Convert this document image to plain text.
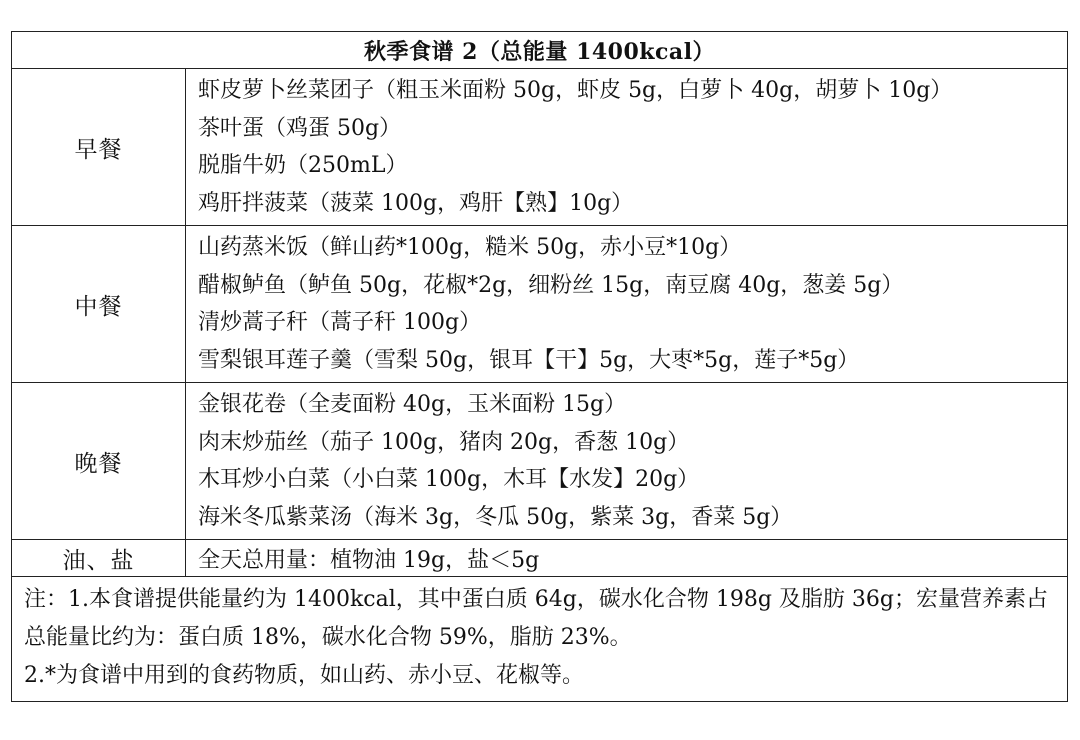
秋季食谱 2（总能量 1400kcal）	
早餐	虾皮萝卜丝菜团子（粗玉米面粉 50g，虾皮 5g，白萝卜 40g，胡萝卜 10g）
茶叶蛋（鸡蛋 50g）
脱脂牛奶（250mL）
鸡肝拌菠菜（菠菜 100g，鸡肝【熟】10g）

中餐	山药蒸米饭（鲜山药*100g，糙米 50g，赤小豆*10g）
醋椒鲈鱼（鲈鱼 50g，花椒*2g，细粉丝 15g，南豆腐 40g，葱姜 5g）
清炒蒿子秆（蒿子秆 100g）
雪梨银耳莲子羹（雪梨 50g，银耳【干】5g，大枣*5g，莲子*5g）

晚餐	金银花卷（全麦面粉 40g，玉米面粉 15g）
肉末炒茄丝（茄子 100g，猪肉 20g，香葱 10g）
木耳炒小白菜（小白菜 100g，木耳【水发】20g）
海米冬瓜紫菜汤（海米 3g，冬瓜 50g，紫菜 3g，香菜 5g）

油、盐	全天总用量：植物油 19g，盐＜5g

注：1.本食谱提供能量约为 1400kcal，其中蛋白质 64g，碳水化合物 198g 及脂肪 36g；宏量营养素占总能量比约为：蛋白质 18%，碳水化合物 59%，脂肪 23%。
2.*为食谱中用到的食药物质，如山药、赤小豆、花椒等。	
